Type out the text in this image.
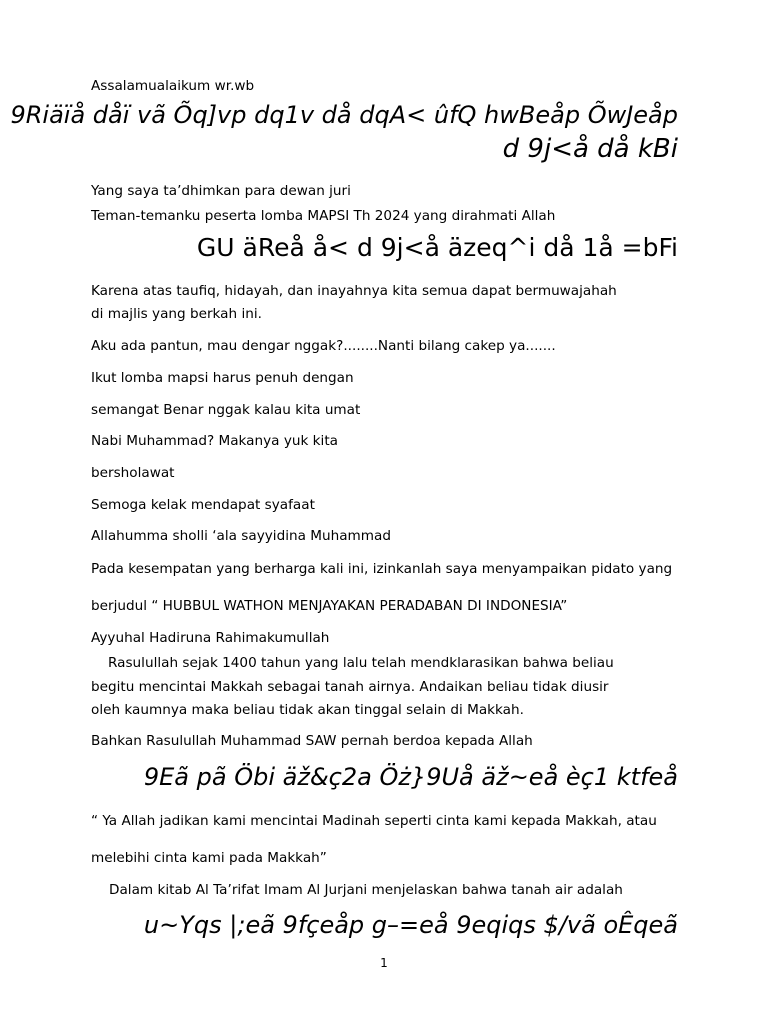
Assalamualaikum wr.wb
9Riäïå dåï vã Õq]vp dq1v då dqA< ûfQ hwBeåp ÕwJeåp
d 9j<å då kBi
Yang saya ta’dhimkan para dewan juri
Teman-temanku peserta lomba MAPSI Th 2024 yang dirahmati Allah
GU äReå å< d 9j<å äzeq^i då 1å =bFi
Karena atas taufiq, hidayah, dan inayahnya kita semua dapat bermuwajahah
di majlis yang berkah ini.
Aku ada pantun, mau dengar nggak?........Nanti bilang cakep ya.......
Ikut lomba mapsi harus penuh dengan
semangat Benar nggak kalau kita umat
Nabi Muhammad? Makanya yuk kita
bersholawat
Semoga kelak mendapat syafaat
Allahumma sholli ‘ala sayyidina Muhammad
Pada kesempatan yang berharga kali ini, izinkanlah saya menyampaikan pidato yang
berjudul “ HUBBUL WATHON MENJAYAKAN PERADABAN DI INDONESIA”
Ayyuhal Hadiruna Rahimakumullah
Rasulullah sejak 1400 tahun yang lalu telah mendklarasikan bahwa beliau
begitu mencintai Makkah sebagai tanah airnya. Andaikan beliau tidak diusir
oleh kaumnya maka beliau tidak akan tinggal selain di Makkah.
Bahkan Rasulullah Muhammad SAW pernah berdoa kepada Allah
9Eã pã Öbi äž&ç2a Öż}9Uå äž~eå èç1 ktfeå
“ Ya Allah jadikan kami mencintai Madinah seperti cinta kami kepada Makkah, atau
melebihi cinta kami pada Makkah”
Dalam kitab Al Ta’rifat Imam Al Jurjani menjelaskan bahwa tanah air adalah
u~Yqs |;eã 9fçeåp g–=eå 9eqiqs $/vã oÊqeã
1
